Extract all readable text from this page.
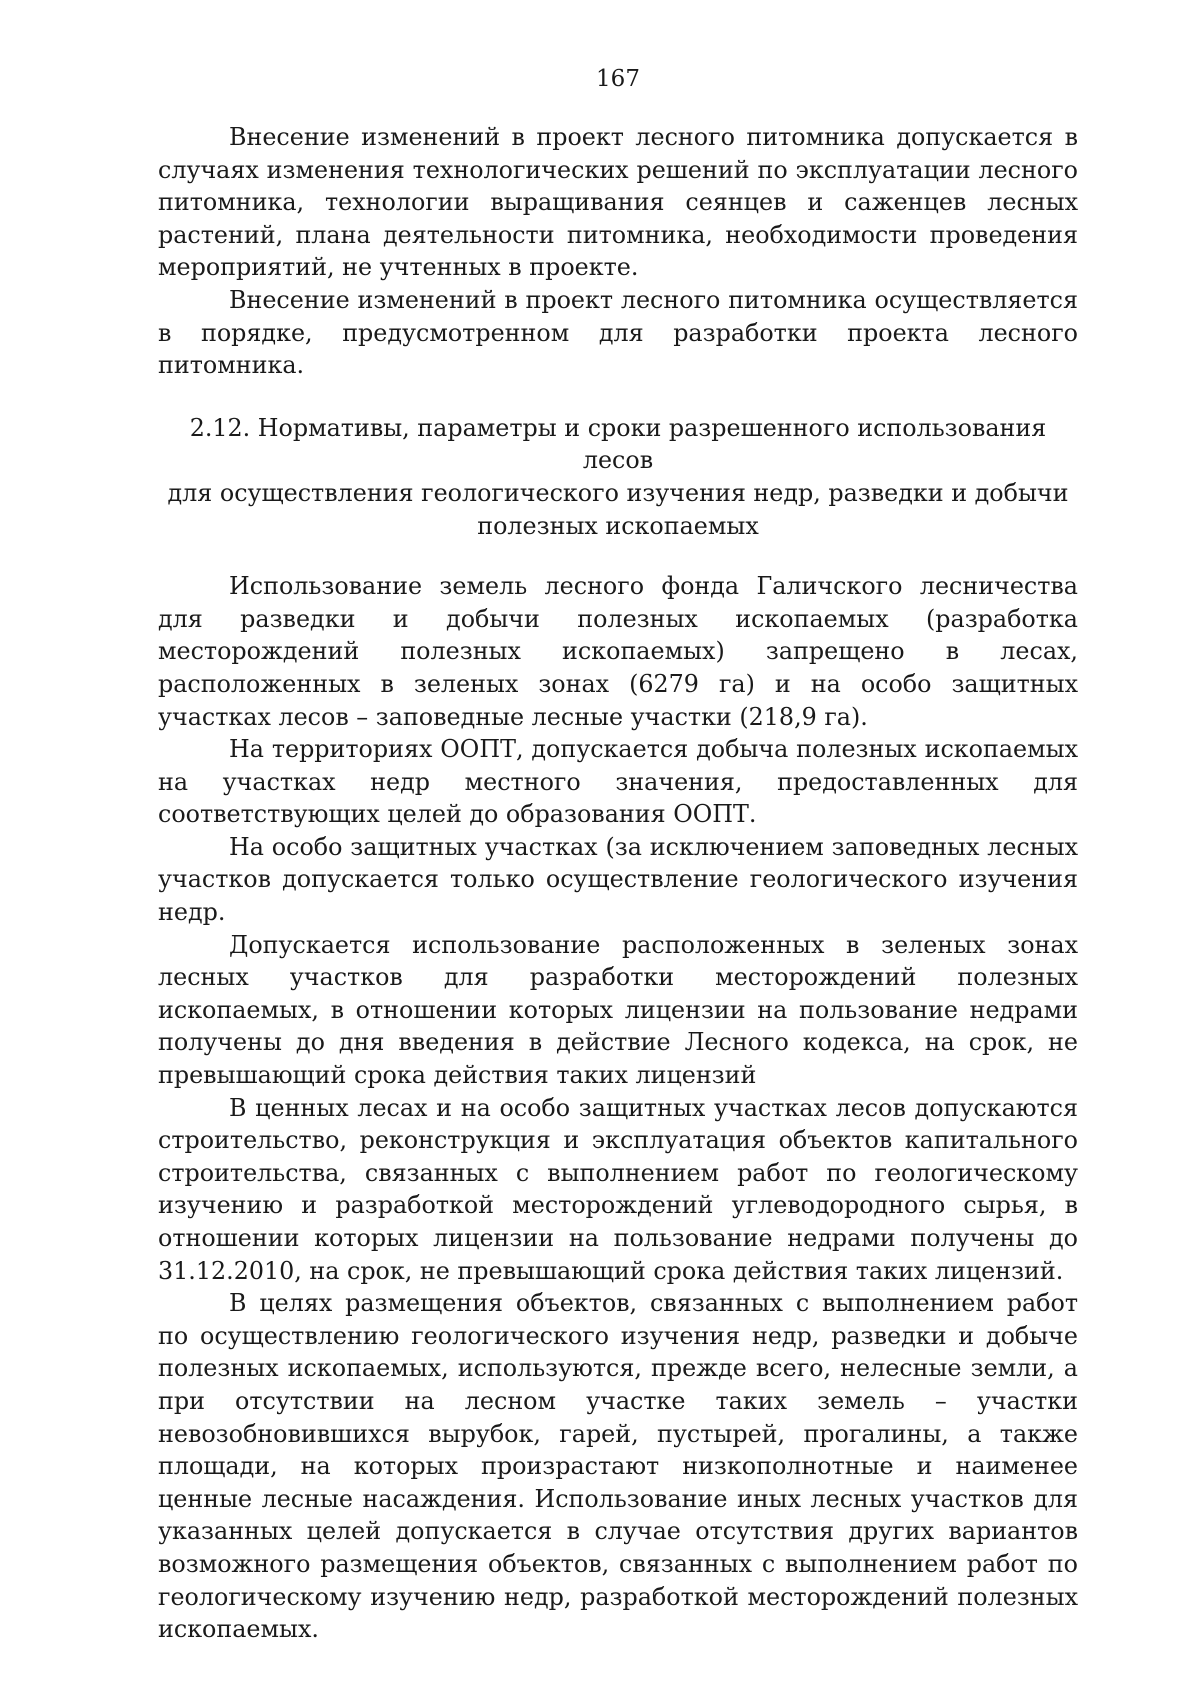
167

Внесение изменений в проект лесного питомника допускается в случаях изменения технологических решений по эксплуатации лесного питомника, технологии выращивания сеянцев и саженцев лесных растений, плана деятельности питомника, необходимости проведения мероприятий, не учтенных в проекте.

Внесение изменений в проект лесного питомника осуществляется в порядке, предусмотренном для разработки проекта лесного питомника.

2.12. Нормативы, параметры и сроки разрешенного использования лесов
для осуществления геологического изучения недр, разведки и добычи
полезных ископаемых

Использование земель лесного фонда Галичского лесничества для разведки и добычи полезных ископаемых (разработка месторождений полезных ископаемых) запрещено в лесах, расположенных в зеленых зонах (6279 га) и на особо защитных участках лесов – заповедные лесные участки (218,9 га).

На территориях ООПТ, допускается добыча полезных ископаемых на участках недр местного значения, предоставленных для соответствующих целей до образования ООПТ.

На особо защитных участках (за исключением заповедных лесных участков допускается только осуществление геологического изучения недр.

Допускается использование расположенных в зеленых зонах лесных участков для разработки месторождений полезных ископаемых, в отношении которых лицензии на пользование недрами получены до дня введения в действие Лесного кодекса, на срок, не превышающий срока действия таких лицензий

В ценных лесах и на особо защитных участках лесов допускаются строительство, реконструкция и эксплуатация объектов капитального строительства, связанных с выполнением работ по геологическому изучению и разработкой месторождений углеводородного сырья, в отношении которых лицензии на пользование недрами получены до 31.12.2010, на срок, не превышающий срока действия таких лицензий.

В целях размещения объектов, связанных с выполнением работ по осуществлению геологического изучения недр, разведки и добыче полезных ископаемых, используются, прежде всего, нелесные земли, а при отсутствии на лесном участке таких земель – участки невозобновившихся вырубок, гарей, пустырей, прогалины, а также площади, на которых произрастают низкополнотные и наименее ценные лесные насаждения. Использование иных лесных участков для указанных целей допускается в случае отсутствия других вариантов возможного размещения объектов, связанных с выполнением работ по геологическому изучению недр, разработкой месторождений полезных ископаемых.
